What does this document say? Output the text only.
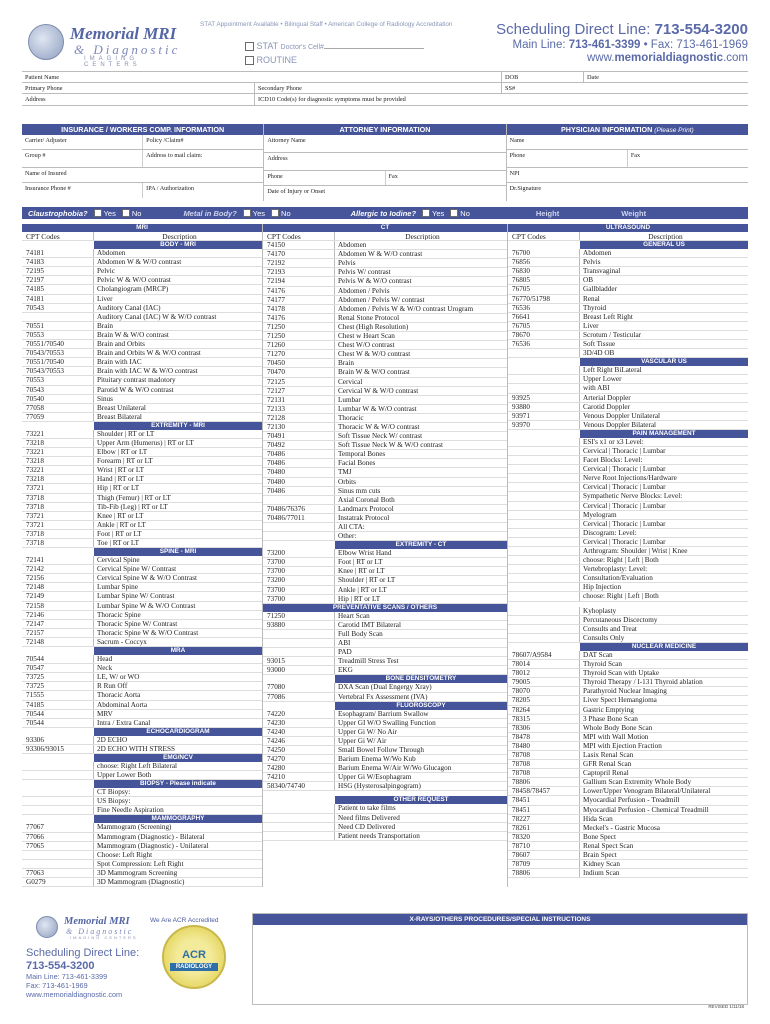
Memorial MRI
& Diagnostic
IMAGING CENTERS
STAT Appointment Available • Bilingual Staff • American College of Radiology Accreditation
STAT Doctor's Cell#
ROUTINE
Scheduling Direct Line: 713-554-3200
Main Line: 713-461-3399 • Fax: 713-461-1969
www.memorialdiagnostic.com
Patient Name	DOB	Date
Primary Phone	Secondary Phone	SS#
Address	ICD10 Code(s) for diagnostic symptoms must be provided
INSURANCE / WORKERS COMP. INFORMATION
Carrier/ Adjuster	Policy /Claim#
Group #	Address to mail claim:
Name of Insured
Insurance Phone #	IPA / Authorization
ATTORNEY INFORMATION
Attorney Name
Address
Phone	Fax
Date of Injury or Onset
PHYSICIAN INFORMATION (Please Print)
Name
Phone	Fax
NPI
Dr.Signature
Claustrophobia? Yes No	Metal in Body? Yes No	Allergic to Iodine? Yes No	Height	Weight
MRI
CPT Codes	Description
BODY - MRI
74181	Abdomen
74183	Abdomen W & W/O contrast
72195	Pelvic
72197	Pelvic W & W/O contrast
74185	Cholangiogram (MRCP)
74181	Liver
70543	Auditory Canal (IAC)
Auditory Canal (IAC) W & W/O contrast
70551	Brain
70553	Brain W & W/O contrast
70551/70540	Brain and Orbits
70543/70553	Brain and Orbits W & W/O contrast
70551/70540	Brain with IAC
70543/70553	Brain with IAC W & W/O contrast
70553	Pituitary contrast madotory
70543	Parotid W & W/O contrast
70540	Sinus
77058	Breast Unilateral
77059	Breast Bilateral
EXTREMITY - MRI
73221	Shoulder | RT or LT
73218	Upper Arm (Humerus) | RT or LT
73221	Elbow | RT or LT
73218	Forearm | RT or LT
73221	Wrist | RT or LT
73218	Hand | RT or LT
73721	Hip | RT or LT
73718	Thigh (Femur) | RT or LT
73718	Tib-Fib (Leg) | RT or LT
73721	Knee | RT or LT
73721	Ankle | RT or LT
73718	Foot | RT or LT
73718	Toe | RT or LT
SPINE - MRI
72141	Cervical Spine
72142	Cervical Spine W/ Contrast
72156	Cervical Spine W & W/O Contrast
72148	Lumbar Spine
72149	Lumbar Spine W/ Contrast
72158	Lumbar Spine W & W/O Contrast
72146	Thoracic Spine
72147	Thoracic Spine W/ Contrast
72157	Thoracic Spine W & W/O Contrast
72148	Sacrum - Coccyx
MRA
70544	Head
70547	Neck
73725	LE, W/ or WO
73725	R Run Off
71555	Thoracic Aorta
74185	Abdominal Aorta
70544	MRV
70544	Intra / Extra Canal
ECHOCARDIOGRAM
93306	2D ECHO
93306/93015	2D ECHO WITH STRESS
EMG/NCV
choose: Right Left Bilateral
Upper Lower Both
BIOPSY - Please indicate
CT Biopsy:
US Biopsy:
Fine Needle Aspiration
MAMMOGRAPHY
77067	Mammogram (Screening)
77066	Mammogram (Diagnostic) - Bilateral
77065	Mammogram (Diagnostic) - Unilateral
Choose: Left Right
Spot Compression: Left Right
77063	3D Mammogram Screening
G0279	3D Mammogram (Diagnostic)
CT
CPT Codes	Description
74150	Abdomen
74170	Abdomen W & W/O contrast
72192	Pelvis
72193	Pelvis W/ contrast
72194	Pelvis W & W/O contrast
74176	Abdomen / Pelvis
74177	Abdomen / Pelvis W/ contrast
74178	Abdomen / Pelvis W & W/O contrast Urogram
74176	Renal Stone Protocol
71250	Chest (High Resolution)
71250	Chest w Heart Scan
71260	Chest W/O contrast
71270	Chest W & W/O contrast
70450	Brain
70470	Brain W & W/O contrast
72125	Cervical
72127	Cervical W & W/O contrast
72131	Lumbar
72133	Lumbar W & W/O contrast
72128	Thoracic
72130	Thoracic W & W/O contrast
70491	Soft Tissue Neck W/ contrast
70492	Soft Tissue Neck W & W/O contrast
70486	Temporal Bones
70486	Facial Bones
70480	TMJ
70480	Orbits
70486	Sinus mm cuts
Axial Coronal Both
70486/76376	Landmarx Protocol
70486/77011	Instatrak Protocol
All CTA:
Other:
EXTREMITY - CT
73200	Elbow Wrist Hand
73700	Foot | RT or LT
73700	Knee | RT or LT
73200	Shoulder | RT or LT
73700	Ankle | RT or LT
73700	Hip | RT or LT
PREVENTATIVE SCANS / OTHERS
71250	Heart Scan
93880	Carotid IMT Bilateral
Full Body Scan
ABI
PAD
93015	Treadmill Stress Test
93000	EKG
BONE DENSITOMETRY
77080	DXA Scan (Dual Engergy Xray)
77086	Vertebral Fx Assessment (IVA)
FLUOROSCOPY
74220	Esophagram/ Barrium Swallow
74230	Upper GI W/O Swalling Function
74240	Upper Gi W/ No Air
74246	Upper Gi W/ Air
74250	Small Bowel Follow Through
74270	Barium Enema W/Wo Kub
74280	Barium Enema W/Air W/Wo Glucagon
74210	Upper Gi W/Esophagram
58340/74740	HSG (Hysterosalpingogram)
OTHER REQUEST
Patient to take films
Need films Delivered
Need CD Delivered
Patient needs Transportation
ULTRASOUND
CPT Codes	Description
GENERAL US
76700	Abdomen
76856	Pelvis
76830	Transvaginal
76805	OB
76705	Gallbladder
76770/51798	Renal
76536	Thyroid
76641	Breast Left Right
76705	Liver
78670	Scrotum / Testicular
76536	Soft Tissue
3D/4D OB
VASCULAR US
Left Right BiLateral
Upper Lower
with ABI
93925	Arterial Doppler
93880	Carotid Doppler
93971	Venous Doppler Unilateral
93970	Venous Doppler Bilateral
PAIN MANAGEMENT
ESI's x1 or x3 Level:
Cervical | Thoracic | Lumbar
Facet Blocks: Level:
Cervical | Thoracic | Lumbar
Nerve Root Injections/Hardware
Cervical | Thoracic | Lumbar
Sympathetic Nerve Blocks: Level:
Cervical | Thoracic | Lumbar
Myelogram
Cervical | Thoracic | Lumbar
Discogram: Level:
Cervical | Thoracic | Lumbar
Arthrogram: Shoulder | Wrist | Knee
choose: Right | Left | Both
Vertebroplasty: Level:
Consultation/Evaluation
Hip Injection
choose: Right | Left | Both
Kyhoplasty
Percutaneous Discectomy
Consults and Treat
Consults Only
NUCLEAR MEDICINE
78607/A9584	DAT Scan
78014	Thyroid Scan
78012	Thyroid Scan with Uptake
79005	Thyroid Therapy / I-131 Thyroid ablation
78070	Parathyroid Nuclear Imaging
78205	Liver Spect Hemangioma
78264	Gastric Emptying
78315	3 Phase Bone Scan
78306	Whole Body Bone Scan
78478	MPI with Wall Motion
78480	MPI with Ejection Fraction
78708	Lasix Renal Scan
78708	GFR Renal Scan
78708	Captopril Renal
78806	Gallium Scan Extremity Whole Body
78458/78457	Lower/Upper Venogram Bilateral/Unilateral
78451	Myocardial Perfusion - Treadmill
78451	Myocardial Perfusion - Chemical Treadmill
78227	Hida Scan
78261	Meckel's - Gastric Mucosa
78320	Bone Spect
78710	Renal Spect Scan
78607	Brain Spect
78709	Kidney Scan
78806	Indium Scan
Memorial MRI
& Diagnostic
IMAGING CENTERS
We Are ACR Accredited
ACR
RADIOLOGY
Scheduling Direct Line:
713-554-3200
Main Line: 713-461-3399
Fax: 713-461-1969
www.memorialdiagnostic.com
X-RAYS/OTHERS PROCEDURES/SPECIAL INSTRUCTIONS
REVISED 1/11/18
